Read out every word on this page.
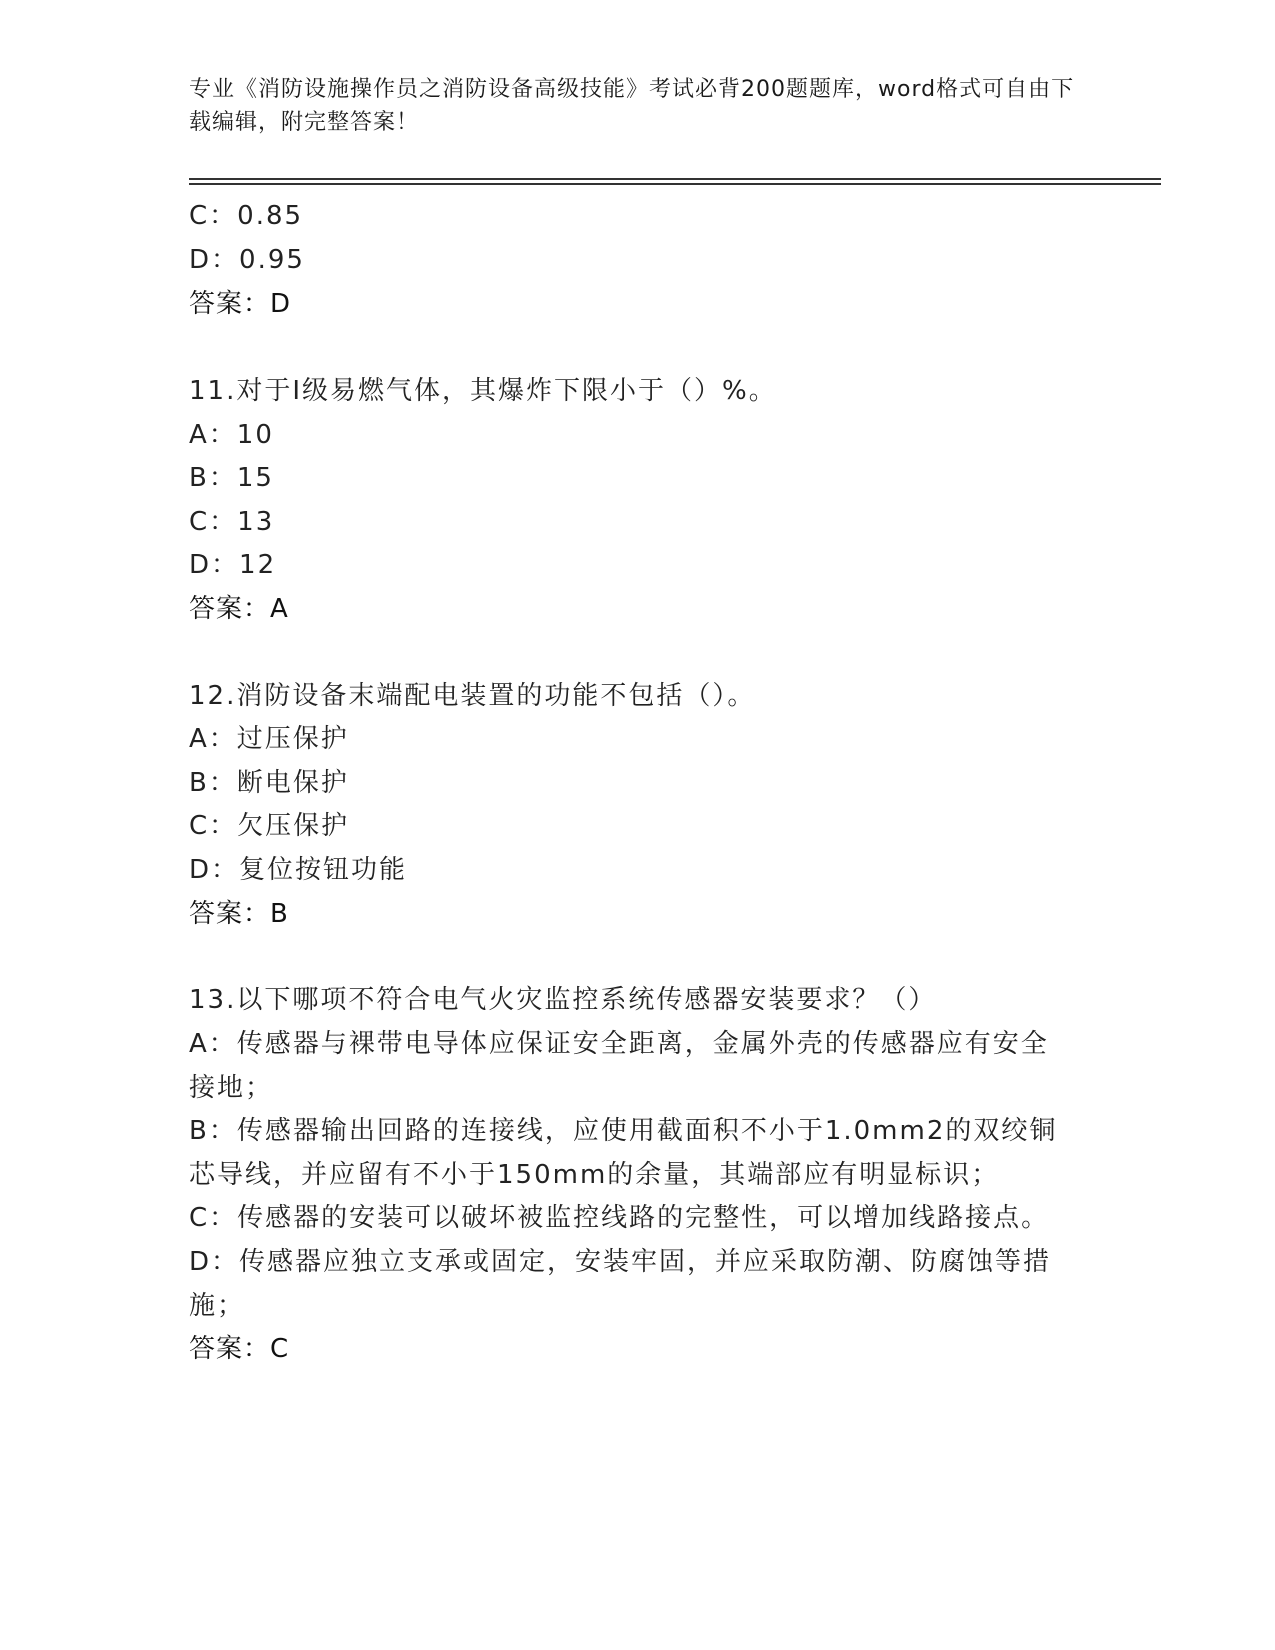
专业《消防设施操作员之消防设备高级技能》考试必背200题题库，word格式可自由下载编辑，附完整答案！
C：0.85
D：0.95
答案：D
11.对于Ⅰ级易燃气体，其爆炸下限小于（）%。
A：10
B：15
C：13
D：12
答案：A
12.消防设备末端配电装置的功能不包括（）。
A：过压保护
B：断电保护
C：欠压保护
D：复位按钮功能
答案：B
13.以下哪项不符合电气火灾监控系统传感器安装要求？（）
A：传感器与裸带电导体应保证安全距离，金属外壳的传感器应有安全
接地；
B：传感器输出回路的连接线，应使用截面积不小于1.0mm2的双绞铜
芯导线，并应留有不小于150mm的余量，其端部应有明显标识；
C：传感器的安装可以破坏被监控线路的完整性，可以增加线路接点。
D：传感器应独立支承或固定，安装牢固，并应采取防潮、防腐蚀等措
施；
答案：C
